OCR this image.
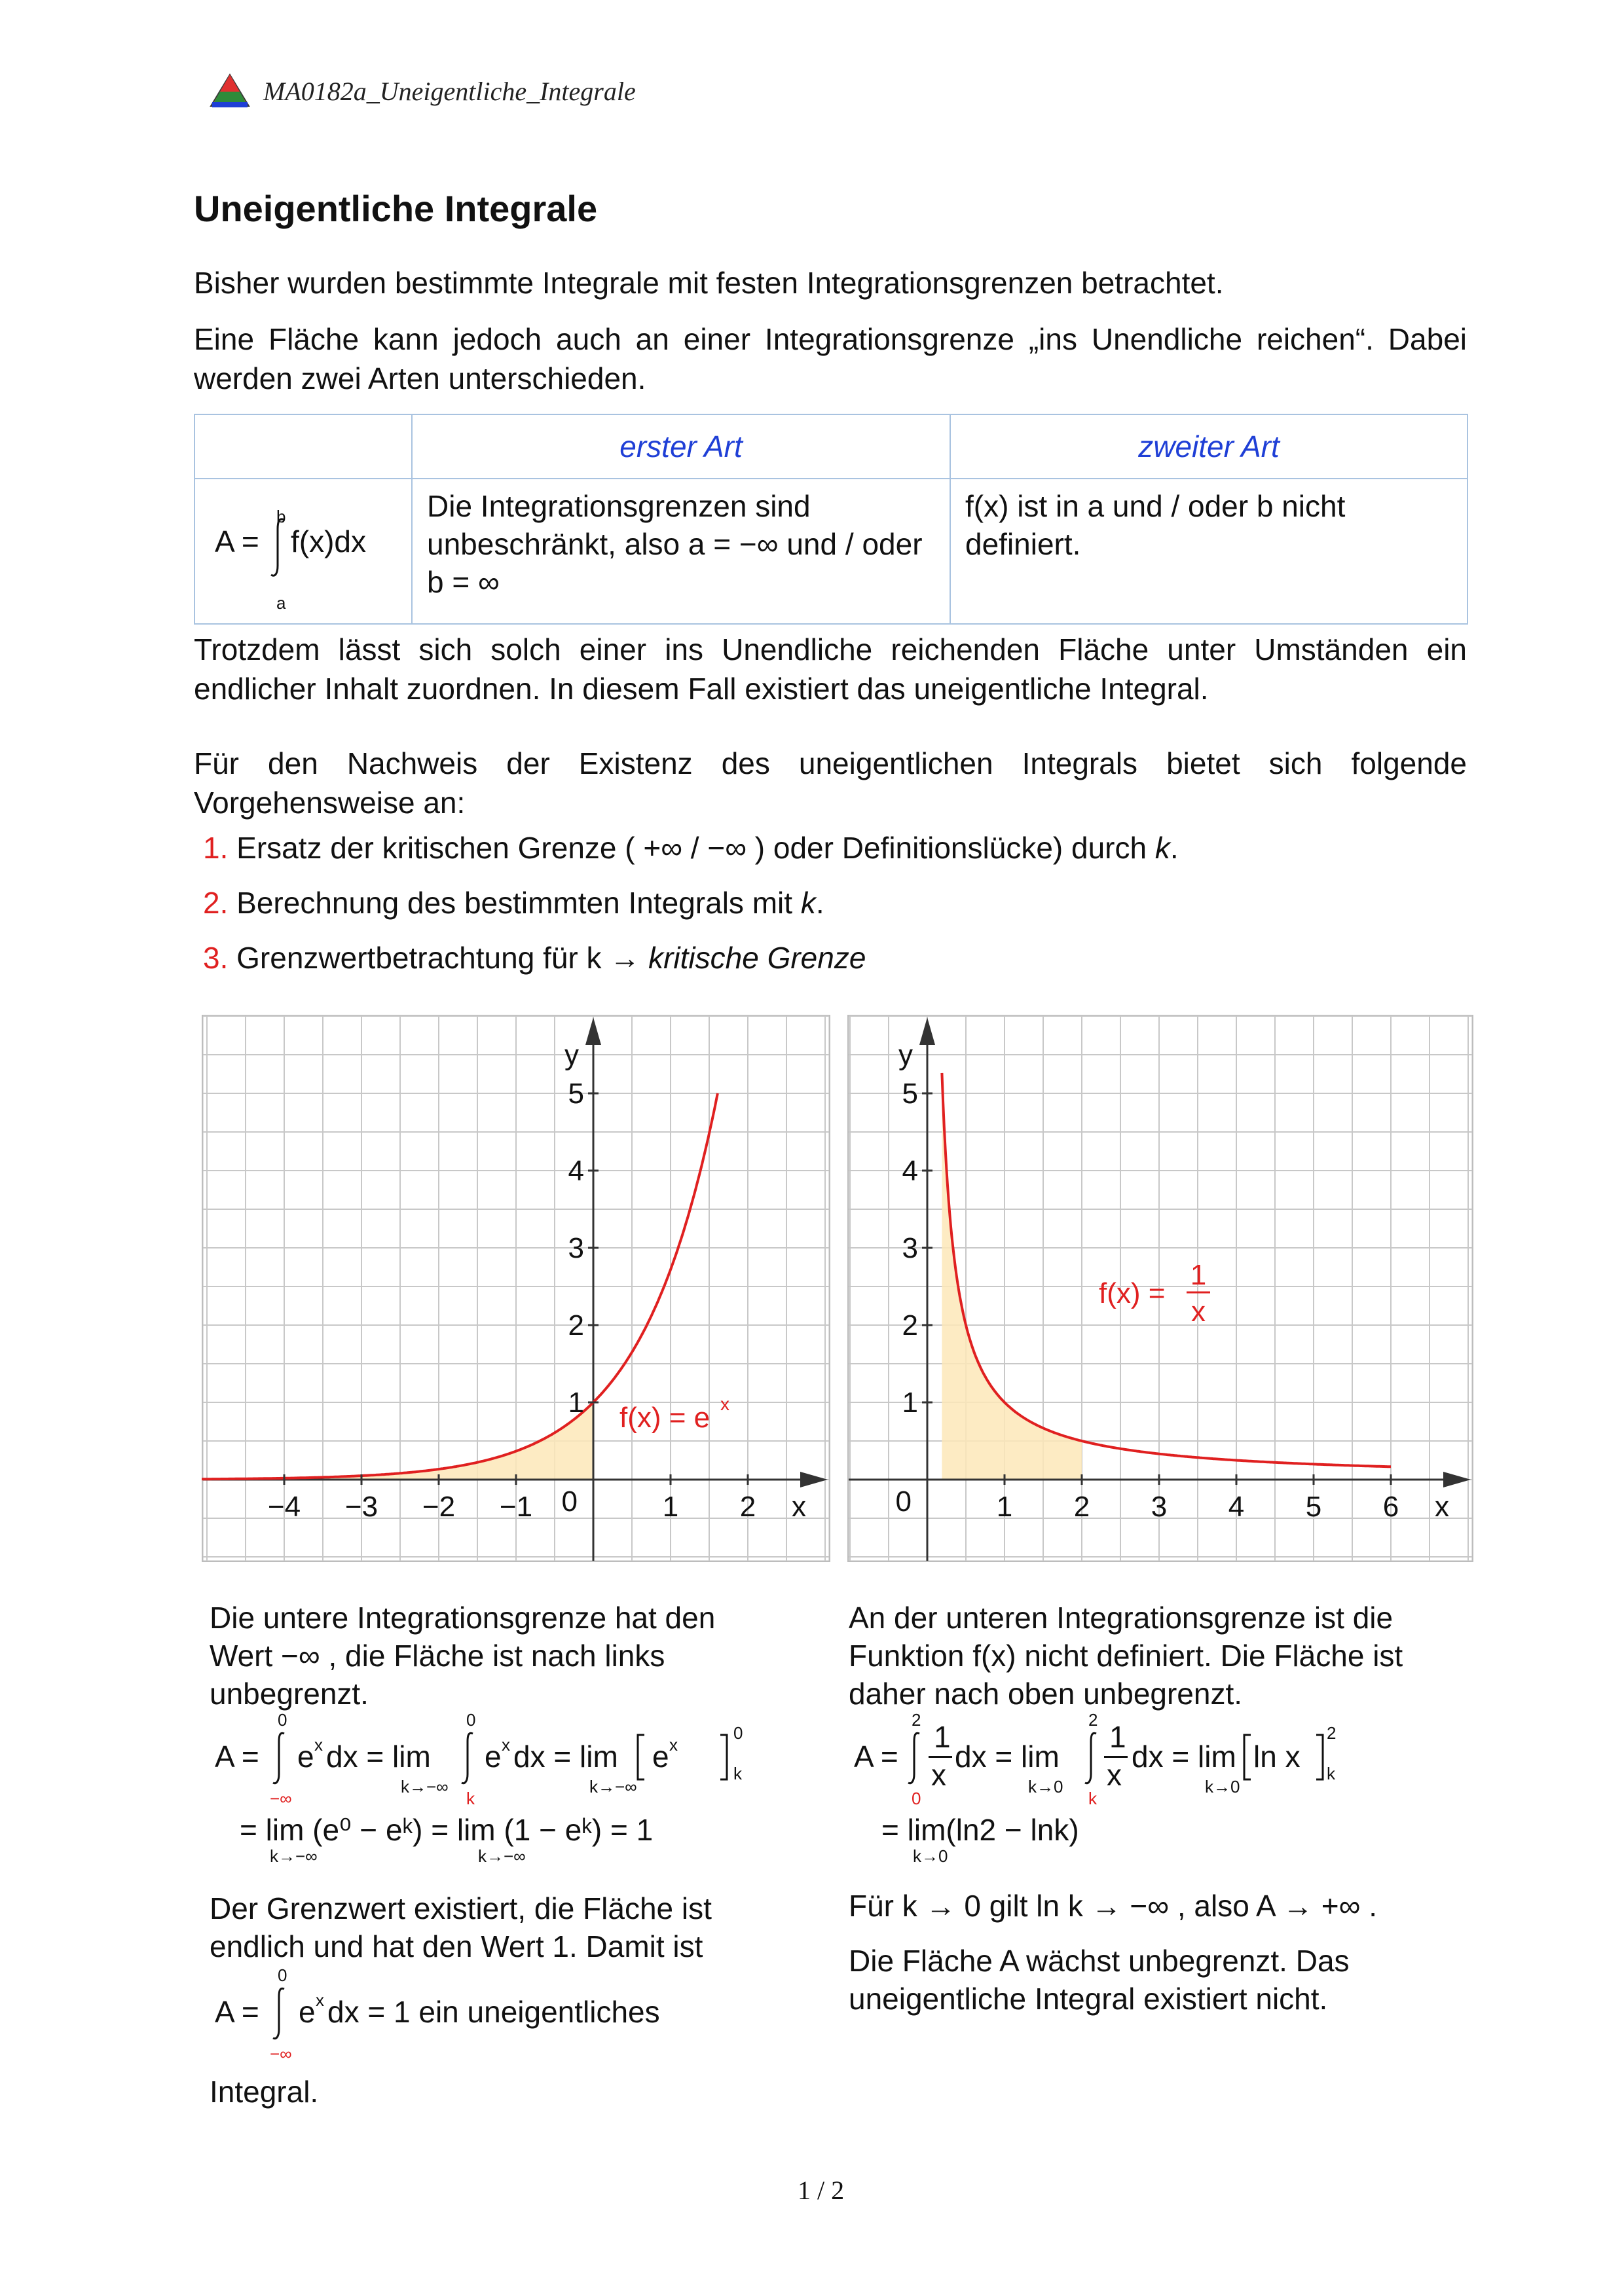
MA0182a_Uneigentliche_Integrale
Uneigentliche Integrale
Bisher wurden bestimmte Integrale mit festen Integrationsgrenzen betrachtet.
Eine Fläche kann jedoch auch an einer Integrationsgrenze „ins Unendliche reichen“. Dabei werden zwei Arten unterschieden.
	erster Art	zweiter Art

A =
b
a
f(x)dx	Die Integrationsgrenzen sind unbeschränkt, also a = −∞ und / oder b = ∞	f(x) ist in a und / oder b nicht definiert.
Trotzdem lässt sich solch einer ins Unendliche reichenden Fläche unter Umständen ein endlicher Inhalt zuordnen. In diesem Fall existiert das uneigentliche Integral.
Für den Nachweis der Existenz des uneigentlichen Integrals bietet sich folgende Vorgehensweise an:
1. Ersatz der kritischen Grenze ( +∞ / −∞ ) oder Definitionslücke) durch k.
2. Berechnung des bestimmten Integrals mit k.
3. Grenzwertbetrachtung für k → kritische Grenze
−4 −3 −2 −1	1 2
1
2
3
4
5
0	x
y
f(x) = e x
1 2 3 4 5 6
1
2
3
4
5
0	x
y
f(x) =
1
x
Die untere Integrationsgrenze hat den Wert −∞ , die Fläche ist nach links unbegrenzt.
A =
0
−∞
e x dx = lim
k→−∞
0
k
e x dx = lim
k→−∞
e x
0
k
= lim (e⁰ − eᵏ) = lim (1 − eᵏ) = 1
k→−∞	k→−∞
Der Grenzwert existiert, die Fläche ist endlich und hat den Wert 1. Damit ist
A =
0
−∞
e x dx = 1 ein uneigentliches
Integral.
An der unteren Integrationsgrenze ist die Funktion f(x) nicht definiert. Die Fläche ist daher nach oben unbegrenzt.
A =
2
0
1
x
dx = lim
k→0
2
k
1
x
dx = lim
k→0
ln x
2
k
= lim(ln2 − lnk)
k→0
Für k → 0 gilt ln k → −∞ , also A → +∞ .
Die Fläche A wächst unbegrenzt. Das uneigentliche Integral existiert nicht.
1 / 2
